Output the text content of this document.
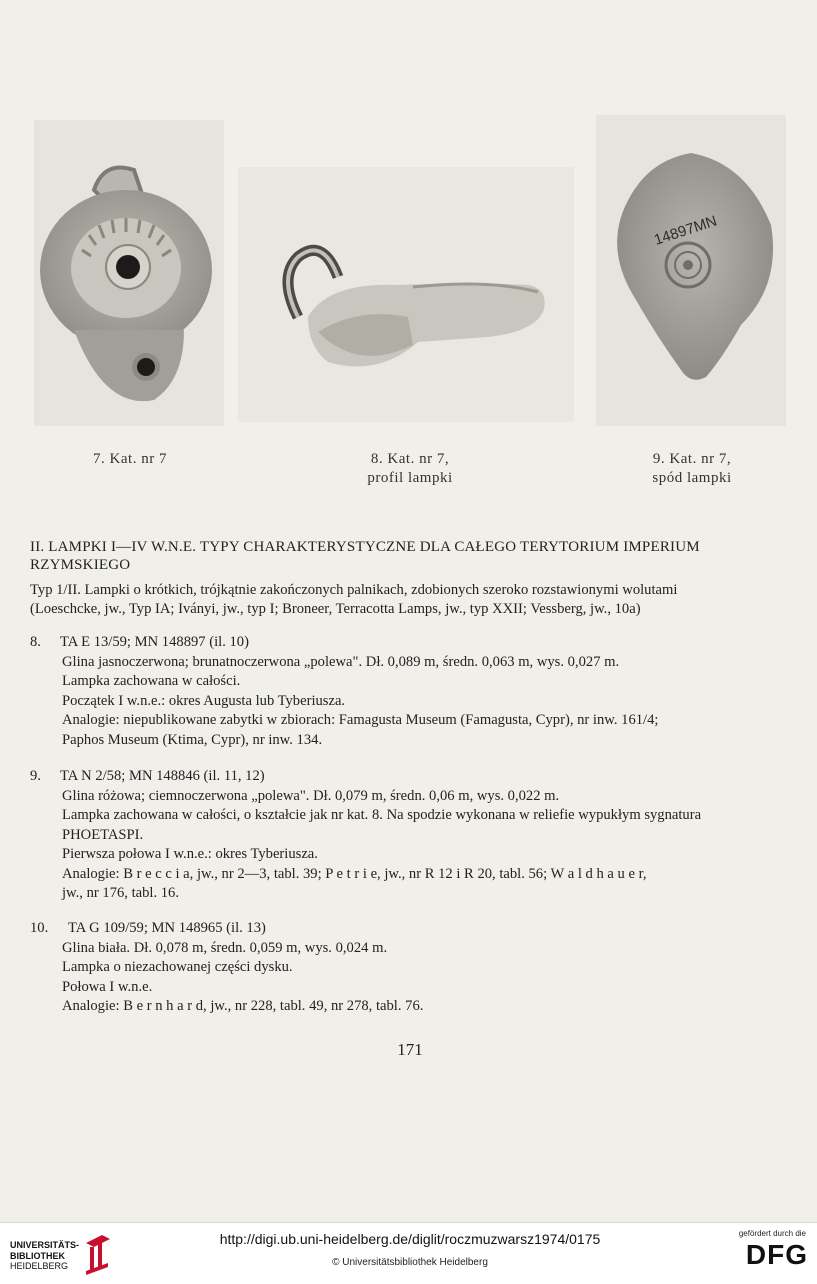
14897MN
7. Kat. nr 7	8. Kat. nr 7,
profil lampki
9. Kat. nr 7,
spód lampki
II. LAMPKI I—IV W.N.E. TYPY CHARAKTERYSTYCZNE DLA CAŁEGO TERYTORIUM IMPERIUM
RZYMSKIEGO
Typ 1/II. Lampki o krótkich, trójkątnie zakończonych palnikach, zdobionych szeroko rozstawionymi wolutami
(Loeschcke, jw., Typ IA; Iványi, jw., typ I; Broneer, Terracotta Lamps, jw., typ XXII; Vessberg, jw., 10a)
8. TA E 13/59; MN 148897 (il. 10)
Glina jasnoczerwona; brunatnoczerwona „polewa". Dł. 0,089 m, średn. 0,063 m, wys. 0,027 m.
Lampka zachowana w całości.
Początek I w.n.e.: okres Augusta lub Tyberiusza.
Analogie: niepublikowane zabytki w zbiorach: Famagusta Museum (Famagusta, Cypr), nr inw. 161/4;
Paphos Museum (Ktima, Cypr), nr inw. 134.
9. TA N 2/58; MN 148846 (il. 11, 12)
Glina różowa; ciemnoczerwona „polewa". Dł. 0,079 m, średn. 0,06 m, wys. 0,022 m.
Lampka zachowana w całości, o kształcie jak nr kat. 8. Na spodzie wykonana w reliefie wypukłym sygnatura
PHOETASPI.
Pierwsza połowa I w.n.e.: okres Tyberiusza.
Analogie: B r e c c i a, jw., nr 2—3, tabl. 39; P e t r i e, jw., nr R 12 i R 20, tabl. 56; W a l d h a u e r,
jw., nr 176, tabl. 16.
10. TA G 109/59; MN 148965 (il. 13)
Glina biała. Dł. 0,078 m, średn. 0,059 m, wys. 0,024 m.
Lampka o niezachowanej części dysku.
Połowa I w.n.e.
Analogie: B e r n h a r d, jw., nr 228, tabl. 49, nr 278, tabl. 76.
171
UNIVERSITÄTS-
BIBLIOTHEK
HEIDELBERG
http://digi.ub.uni-heidelberg.de/diglit/roczmuzwarsz1974/0175
© Universitätsbibliothek Heidelberg
gefördert durch die
DFG
